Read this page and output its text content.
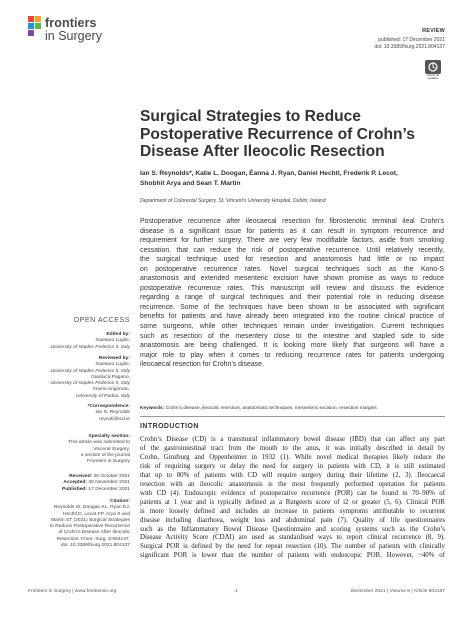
frontiers
in Surgery	REVIEW
published: 17 December 2021
doi: 10.3389/fsurg.2021.804137
Check for updates
Surgical Strategies to Reduce
Postoperative Recurrence of Crohn’s
Disease After Ileocolic Resection
Ian S. Reynolds*, Katie L. Doogan, Éanna J. Ryan, Daniel Hechtl, Frederik P. Lecot,
Shobhit Arya and Sean T. Martin
Department of Colorectal Surgery, St. Vincent’s University Hospital, Dublin, Ireland
Postoperative recurrence after ileocaecal resection for fibrostenotic terminal ileal Crohn’s
disease is a significant issue for patients as it can result in symptom recurrence and
requirement for further surgery. There are very few modifiable factors, aside from smoking
cessation, that can reduce the risk of postoperative recurrence. Until relatively recently,
the surgical technique used for resection and anastomosis had little or no impact
on postoperative recurrence rates. Novel surgical techniques such as the Kono-S
anastomosis and extended mesenteric excision have shown promise as ways to reduce
postoperative recurrence rates. This manuscript will review and discuss the evidence
regarding a range of surgical techniques and their potential role in reducing disease
recurrence. Some of the techniques have been shown to be associated with significant
benefits for patients and have already been integrated into the routine clinical practice of
some surgeons, while other techniques remain under investigation. Current techniques
such as resection of the mesentery close to the intestine and stapled side to side
anastomosis are being challenged. It is looking more likely that surgeons will have a
major role to play when it comes to reducing recurrence rates for patients undergoing
ileocaecal resection for Crohn’s disease.
Keywords: Crohn’s disease, ileocolic resection, anastomotic techniques, mesenteric excision, resection margins
OPEN ACCESS
Edited by:
Gaetano Luglio,
University of Naples Federico II, Italy
Reviewed by:
Gaetano Luglio,
University of Naples Federico II, Italy
Gianluca Pagano,
University of Naples Federico II, Italy
Imerio Angriman,
University of Padua, Italy
*Correspondence:
Ian S. Reynolds
reynoli@tcd.ie
Specialty section:
This article was submitted to
Visceral Surgery,
a section of the journal
Frontiers in Surgery
Received: 26 October 2021
Accepted: 30 November 2021
Published: 17 December 2021
Citation:
Reynolds IS, Doogan KL, Ryan ÉJ,
Hechtl D, Lecot FP, Arya S and
Martin ST (2021) Surgical Strategies
to Reduce Postoperative Recurrence
of Crohn’s Disease After Ileocolic
Resection. Front. Surg. 8:804137.
doi: 10.3389/fsurg.2021.804137
INTRODUCTION
Crohn’s Disease (CD) is a transmural inflammatory bowel disease (IBD) that can affect any part
of the gastrointestinal tract from the mouth to the anus, it was initially described in detail by
Crohn, Ginzburg and Oppenheimer in 1932 (1). While novel medical therapies likely reduce the
risk of requiring surgery or delay the need for surgery in patients with CD, it is still estimated
that up to 80% of patients with CD will require surgery during their lifetime (2, 3). Ileocaecal
resection with an ileocolic anastomosis is the most frequently performed operation for patients
with CD (4). Endoscopic evidence of postoperative recurrence (POR) can be found in 70–90% of
patients at 1 year and is typically defined as a Rutgeerts score of i2 or greater (5, 6). Clinical POR
is more loosely defined and includes an increase in patients symptoms attributable to recurrent
disease including diarrhoea, weight loss and abdominal pain (7). Quality of life questionnaires
such as the Inflammatory Bowel Disease Questionnaire and scoring systems such as the Crohn’s
Disease Activity Score (CDAI) are used as standardised ways to report clinical recurrence (8, 9).
Surgical POR is defined by the need for repeat resection (10). The number of patients with clinically
significant POR is lower than the number of patients with endoscopic POR. However, ~40% of
Frontiers in Surgery | www.frontiersin.org	1	December 2021 | Volume 8 | Article 804137
